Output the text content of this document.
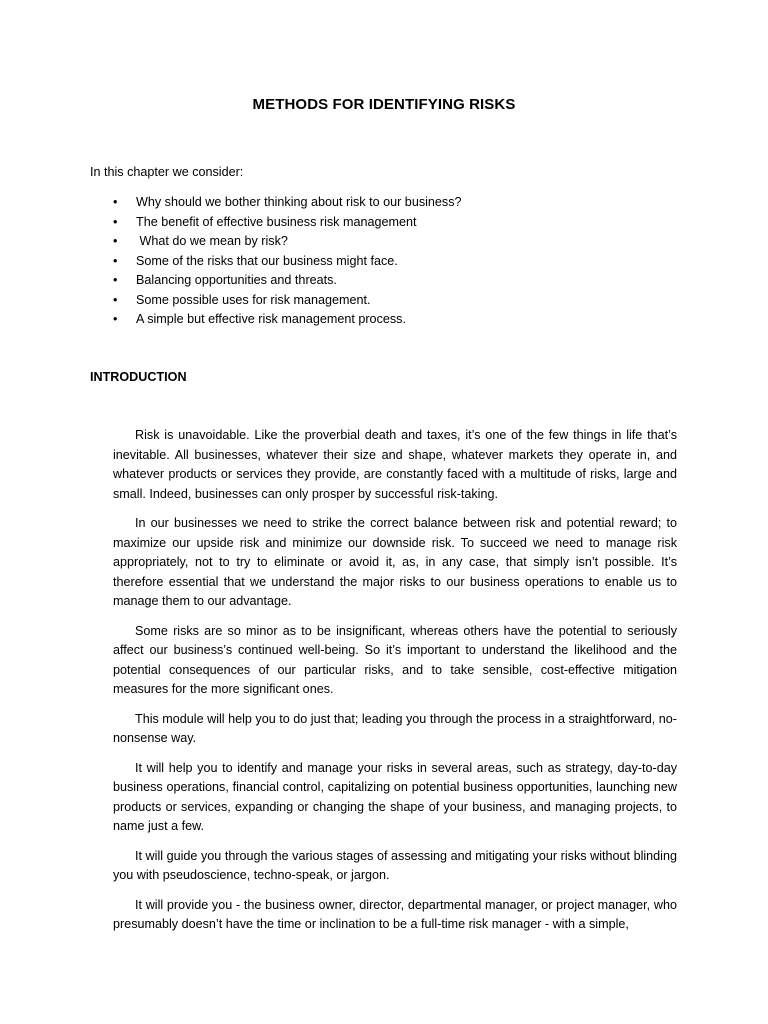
METHODS FOR IDENTIFYING RISKS
In this chapter we consider:
• Why should we bother thinking about risk to our business?
• The benefit of effective business risk management
• What do we mean by risk?
• Some of the risks that our business might face.
• Balancing opportunities and threats.
• Some possible uses for risk management.
• A simple but effective risk management process.
INTRODUCTION

Risk is unavoidable. Like the proverbial death and taxes, it’s one of the few things in life that’s inevitable. All businesses, whatever their size and shape, whatever markets they operate in, and whatever products or services they provide, are constantly faced with a multitude of risks, large and small. Indeed, businesses can only prosper by successful risk-taking.

In our businesses we need to strike the correct balance between risk and potential reward; to maximize our upside risk and minimize our downside risk. To succeed we need to manage risk appropriately, not to try to eliminate or avoid it, as, in any case, that simply isn’t possible. It’s therefore essential that we understand the major risks to our business operations to enable us to manage them to our advantage.

Some risks are so minor as to be insignificant, whereas others have the potential to seriously affect our business’s continued well-being. So it’s important to understand the likelihood and the potential consequences of our particular risks, and to take sensible, cost-effective mitigation measures for the more significant ones.

This module will help you to do just that; leading you through the process in a straightforward, no-nonsense way.

It will help you to identify and manage your risks in several areas, such as strategy, day-to-day business operations, financial control, capitalizing on potential business opportunities, launching new products or services, expanding or changing the shape of your business, and managing projects, to name just a few.

It will guide you through the various stages of assessing and mitigating your risks without blinding you with pseudoscience, techno-speak, or jargon.

It will provide you - the business owner, director, departmental manager, or project manager, who presumably doesn’t have the time or inclination to be a full-time risk manager - with a simple,
